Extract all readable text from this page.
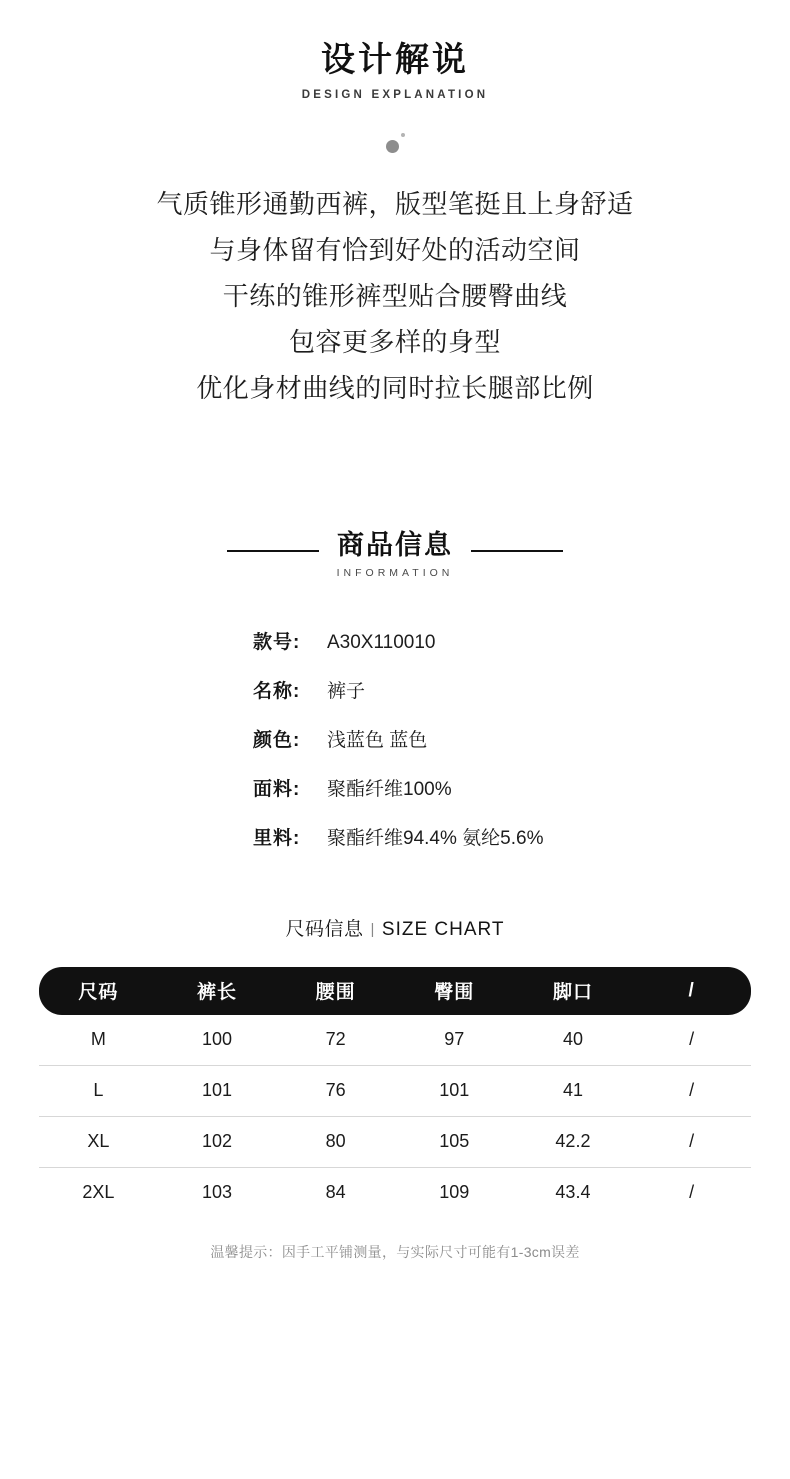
设计解说
DESIGN EXPLANATION
气质锥形通勤西裤，版型笔挺且上身舒适
与身体留有恰到好处的活动空间
干练的锥形裤型贴合腰臀曲线
包容更多样的身型
优化身材曲线的同时拉长腿部比例
商品信息
INFORMATION
款号:	A30X110010
名称:	裤子
颜色:	浅蓝色 蓝色
面料:	聚酯纤维100%
里料:	聚酯纤维94.4% 氨纶5.6%
尺码信息 | SIZE CHART
尺码	裤长	腰围	臀围	脚口	/
M	100	72	97	40	/
L	101	76	101	41	/
XL	102	80	105	42.2	/
2XL	103	84	109	43.4	/
温馨提示：因手工平铺测量，与实际尺寸可能有1-3cm误差
